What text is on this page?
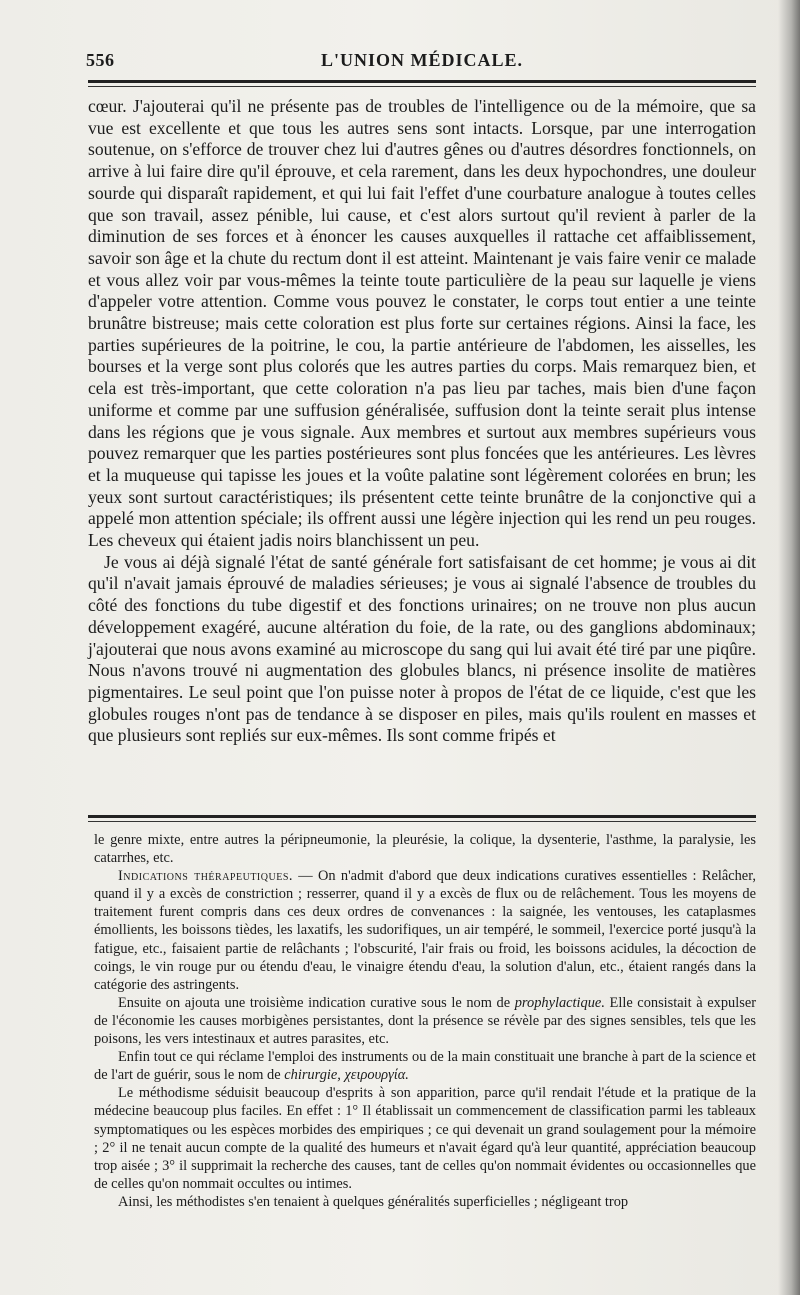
556	L'UNION MÉDICALE.

cœur. J'ajouterai qu'il ne présente pas de troubles de l'intelligence ou de la mémoire, que sa vue est excellente et que tous les autres sens sont intacts. Lorsque, par une interrogation soutenue, on s'efforce de trouver chez lui d'autres gênes ou d'autres désordres fonctionnels, on arrive à lui faire dire qu'il éprouve, et cela rarement, dans les deux hypochondres, une douleur sourde qui disparaît rapidement, et qui lui fait l'effet d'une courbature analogue à toutes celles que son travail, assez pénible, lui cause, et c'est alors surtout qu'il revient à parler de la diminution de ses forces et à énoncer les causes auxquelles il rattache cet affaiblissement, savoir son âge et la chute du rectum dont il est atteint. Maintenant je vais faire venir ce malade et vous allez voir par vous-mêmes la teinte toute particulière de la peau sur laquelle je viens d'appeler votre attention. Comme vous pouvez le constater, le corps tout entier a une teinte brunâtre bistreuse; mais cette coloration est plus forte sur certaines régions. Ainsi la face, les parties supérieures de la poitrine, le cou, la partie antérieure de l'abdomen, les aisselles, les bourses et la verge sont plus colorés que les autres parties du corps. Mais remarquez bien, et cela est très-important, que cette coloration n'a pas lieu par taches, mais bien d'une façon uniforme et comme par une suffusion généralisée, suffusion dont la teinte serait plus intense dans les régions que je vous signale. Aux membres et surtout aux membres supérieurs vous pouvez remarquer que les parties postérieures sont plus foncées que les antérieures. Les lèvres et la muqueuse qui tapisse les joues et la voûte palatine sont légèrement colorées en brun; les yeux sont surtout caractéristiques; ils présentent cette teinte brunâtre de la conjonctive qui a appelé mon attention spéciale; ils offrent aussi une légère injection qui les rend un peu rouges. Les cheveux qui étaient jadis noirs blanchissent un peu.

Je vous ai déjà signalé l'état de santé générale fort satisfaisant de cet homme; je vous ai dit qu'il n'avait jamais éprouvé de maladies sérieuses; je vous ai signalé l'absence de troubles du côté des fonctions du tube digestif et des fonctions urinaires; on ne trouve non plus aucun développement exagéré, aucune altération du foie, de la rate, ou des ganglions abdominaux; j'ajouterai que nous avons examiné au microscope du sang qui lui avait été tiré par une piqûre. Nous n'avons trouvé ni augmentation des globules blancs, ni présence insolite de matières pigmentaires. Le seul point que l'on puisse noter à propos de l'état de ce liquide, c'est que les globules rouges n'ont pas de tendance à se disposer en piles, mais qu'ils roulent en masses et que plusieurs sont repliés sur eux-mêmes. Ils sont comme fripés et

le genre mixte, entre autres la péripneumonie, la pleurésie, la colique, la dysenterie, l'asthme, la paralysie, les catarrhes, etc.

Indications thérapeutiques. — On n'admit d'abord que deux indications curatives essentielles : Relâcher, quand il y a excès de constriction ; resserrer, quand il y a excès de flux ou de relâchement. Tous les moyens de traitement furent compris dans ces deux ordres de convenances : la saignée, les ventouses, les cataplasmes émollients, les boissons tièdes, les laxatifs, les sudorifiques, un air tempéré, le sommeil, l'exercice porté jusqu'à la fatigue, etc., faisaient partie de relâchants ; l'obscurité, l'air frais ou froid, les boissons acidules, la décoction de coings, le vin rouge pur ou étendu d'eau, le vinaigre étendu d'eau, la solution d'alun, etc., étaient rangés dans la catégorie des astringents.

Ensuite on ajouta une troisième indication curative sous le nom de prophylactique. Elle consistait à expulser de l'économie les causes morbigènes persistantes, dont la présence se révèle par des signes sensibles, tels que les poisons, les vers intestinaux et autres parasites, etc.

Enfin tout ce qui réclame l'emploi des instruments ou de la main constituait une branche à part de la science et de l'art de guérir, sous le nom de chirurgie, χειρουργία.

Le méthodisme séduisit beaucoup d'esprits à son apparition, parce qu'il rendait l'étude et la pratique de la médecine beaucoup plus faciles. En effet : 1° Il établissait un commencement de classification parmi les tableaux symptomatiques ou les espèces morbides des empiriques ; ce qui devenait un grand soulagement pour la mémoire ; 2° il ne tenait aucun compte de la qualité des humeurs et n'avait égard qu'à leur quantité, appréciation beaucoup trop aisée ; 3° il supprimait la recherche des causes, tant de celles qu'on nommait évidentes ou occasionnelles que de celles qu'on nommait occultes ou intimes.

Ainsi, les méthodistes s'en tenaient à quelques généralités superficielles ; négligeant trop
